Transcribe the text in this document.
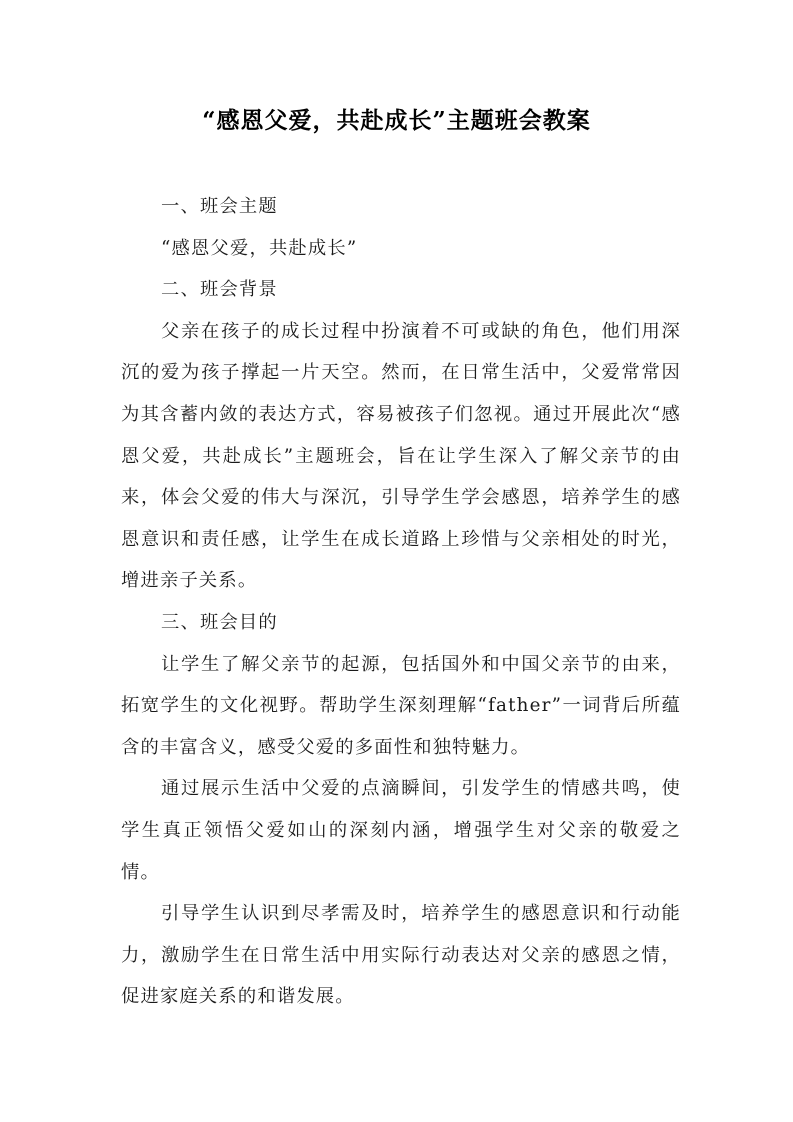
“感恩父爱，共赴成长”主题班会教案

一、班会主题

“感恩父爱，共赴成长”

二、班会背景

父亲在孩子的成长过程中扮演着不可或缺的角色，他们用深沉的爱为孩子撑起一片天空。然而，在日常生活中，父爱常常因为其含蓄内敛的表达方式，容易被孩子们忽视。通过开展此次“感恩父爱，共赴成长”主题班会，旨在让学生深入了解父亲节的由来，体会父爱的伟大与深沉，引导学生学会感恩，培养学生的感恩意识和责任感，让学生在成长道路上珍惜与父亲相处的时光，增进亲子关系。

三、班会目的

让学生了解父亲节的起源，包括国外和中国父亲节的由来，拓宽学生的文化视野。帮助学生深刻理解“father”一词背后所蕴含的丰富含义，感受父爱的多面性和独特魅力。

通过展示生活中父爱的点滴瞬间，引发学生的情感共鸣，使学生真正领悟父爱如山的深刻内涵，增强学生对父亲的敬爱之情。

引导学生认识到尽孝需及时，培养学生的感恩意识和行动能力，激励学生在日常生活中用实际行动表达对父亲的感恩之情，促进家庭关系的和谐发展。
